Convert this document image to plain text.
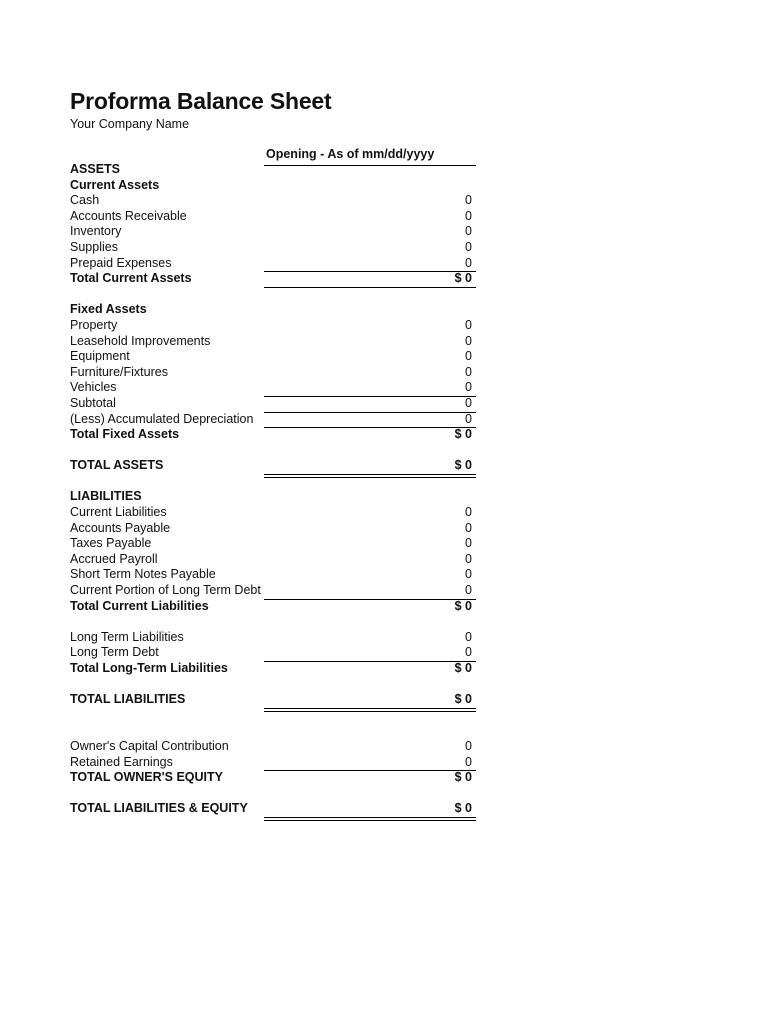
Proforma Balance Sheet
Your Company Name
Opening - As of mm/dd/yyyy
ASSETS
Current Assets
Cash	0
Accounts Receivable	0
Inventory	0
Supplies	0
Prepaid Expenses	0
Total Current Assets	$ 0
Fixed Assets
Property	0
Leasehold Improvements	0
Equipment	0
Furniture/Fixtures	0
Vehicles	0
Subtotal	0
(Less) Accumulated Depreciation	0
Total Fixed Assets	$ 0
TOTAL ASSETS	$ 0
LIABILITIES
Current Liabilities	0
Accounts Payable	0
Taxes Payable	0
Accrued Payroll	0
Short Term Notes Payable	0
Current Portion of Long Term Debt	0
Total Current Liabilities	$ 0
Long Term Liabilities	0
Long Term Debt	0
Total Long-Term Liabilities	$ 0
TOTAL LIABILITIES	$ 0
Owner's Capital Contribution	0
Retained Earnings	0
TOTAL OWNER'S EQUITY	$ 0
TOTAL LIABILITIES & EQUITY	$ 0
